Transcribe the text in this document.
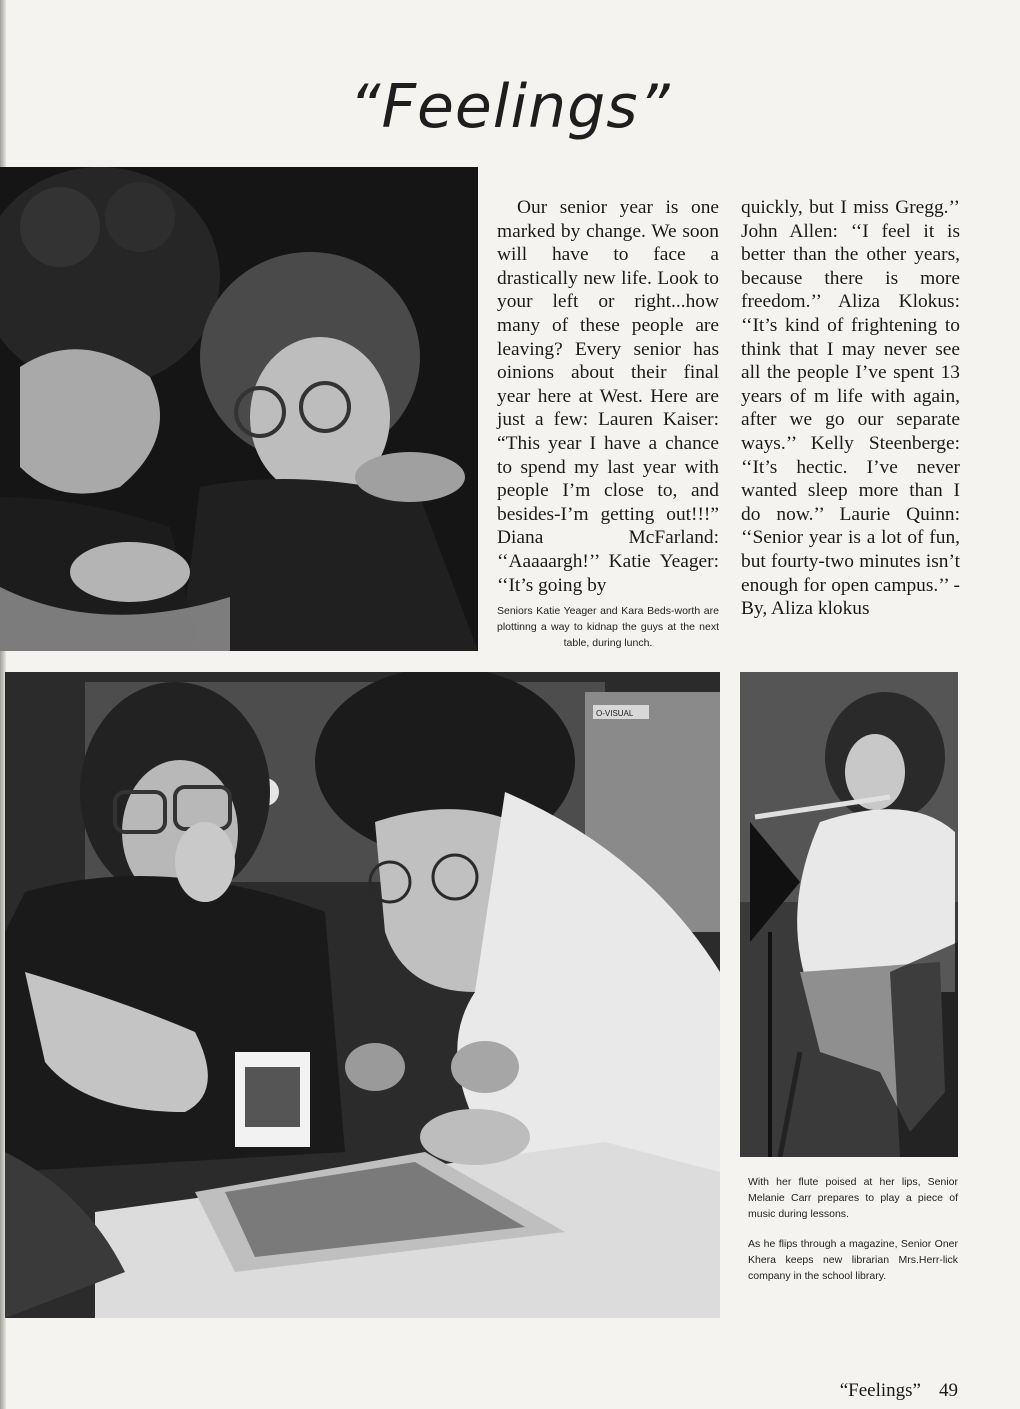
“Feelings”
Our senior year is one marked by change. We soon will have to face a drastically new life. Look to your left or right...how many of these people are leaving? Every senior has oinions about their final year here at West. Here are just a few: Lauren Kaiser: “This year I have a chance to spend my last year with people I’m close to, and besides-I’m getting out!!!” Diana McFarland: ‘‘Aaaaargh!’’ Katie Yeager: ‘‘It’s going by
quickly, but I miss Gregg.’’ John Allen: ‘‘I feel it is better than the other years, because there is more freedom.’’ Aliza Klokus: ‘‘It’s kind of frightening to think that I may never see all the people I’ve spent 13 years of m life with again, after we go our separate ways.’’ Kelly Steenberge: ‘‘It’s hectic. I’ve never wanted sleep more than I do now.’’ Laurie Quinn: ‘‘Senior year is a lot of fun, but fourty-two minutes isn’t enough for open campus.’’ -By, Aliza klokus
Seniors Katie Yeager and Kara Beds-worth are plottinng a way to kidnap the guys at the next table, during lunch.
O-VISUAL
With her flute poised at her lips, Senior Melanie Carr prepares to play a piece of music during lessons.
As he flips through a magazine, Senior Oner Khera keeps new librarian Mrs.Herr-lick company in the school library.
“Feelings” 49
